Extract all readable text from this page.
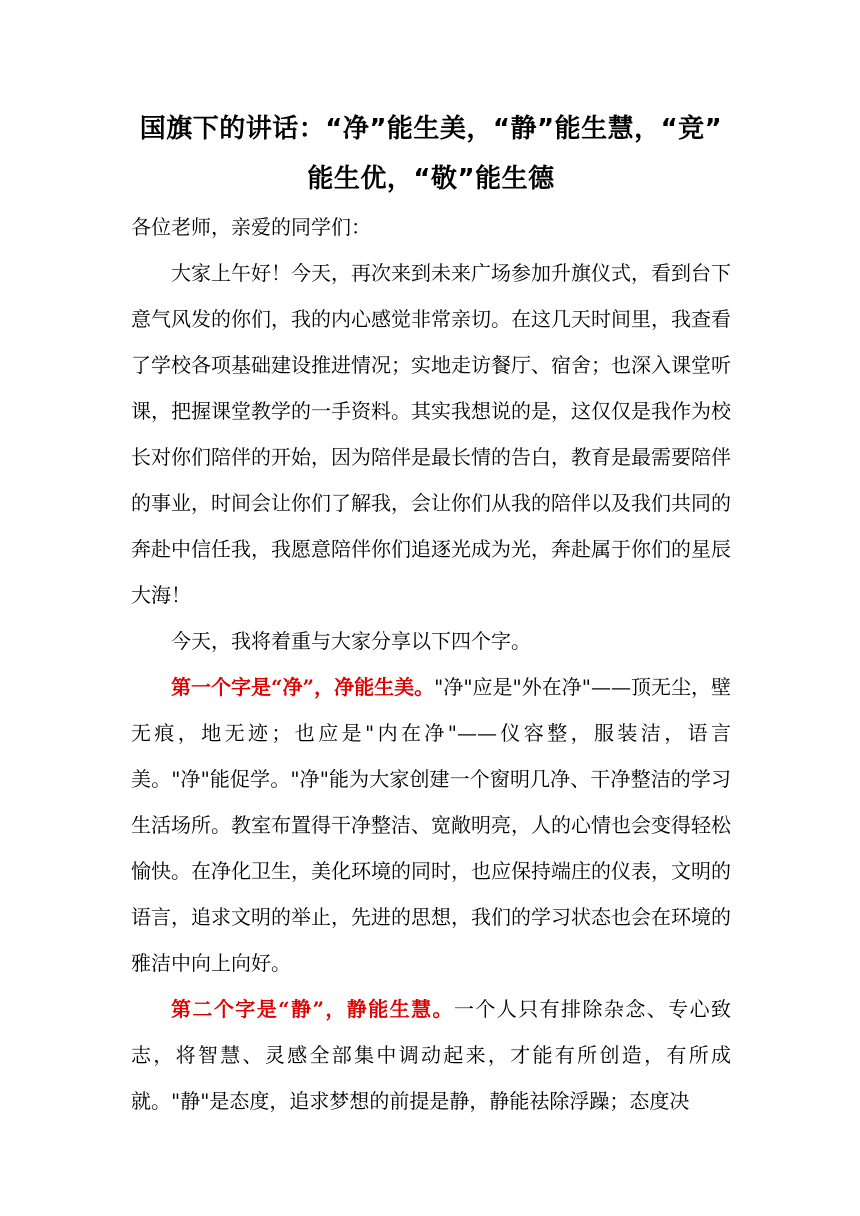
国旗下的讲话：“净”能生美，“静”能生慧，“竞”
能生优，“敬”能生德

各位老师，亲爱的同学们：

大家上午好！今天，再次来到未来广场参加升旗仪式，看到台下意气风发的你们，我的内心感觉非常亲切。在这几天时间里，我查看了学校各项基础建设推进情况；实地走访餐厅、宿舍；也深入课堂听课，把握课堂教学的一手资料。其实我想说的是，这仅仅是我作为校长对你们陪伴的开始，因为陪伴是最长情的告白，教育是最需要陪伴的事业，时间会让你们了解我，会让你们从我的陪伴以及我们共同的奔赴中信任我，我愿意陪伴你们追逐光成为光，奔赴属于你们的星辰大海！

今天，我将着重与大家分享以下四个字。

第一个字是“净”，净能生美。"净"应是"外在净"——顶无尘，壁无痕，地无迹；也应是"内在净"——仪容整，服装洁，语言美。"净"能促学。"净"能为大家创建一个窗明几净、干净整洁的学习生活场所。教室布置得干净整洁、宽敞明亮，人的心情也会变得轻松愉快。在净化卫生，美化环境的同时，也应保持端庄的仪表，文明的语言，追求文明的举止，先进的思想，我们的学习状态也会在环境的雅洁中向上向好。

第二个字是“静”，静能生慧。一个人只有排除杂念、专心致志，将智慧、灵感全部集中调动起来，才能有所创造，有所成就。"静"是态度，追求梦想的前提是静，静能祛除浮躁；态度决
